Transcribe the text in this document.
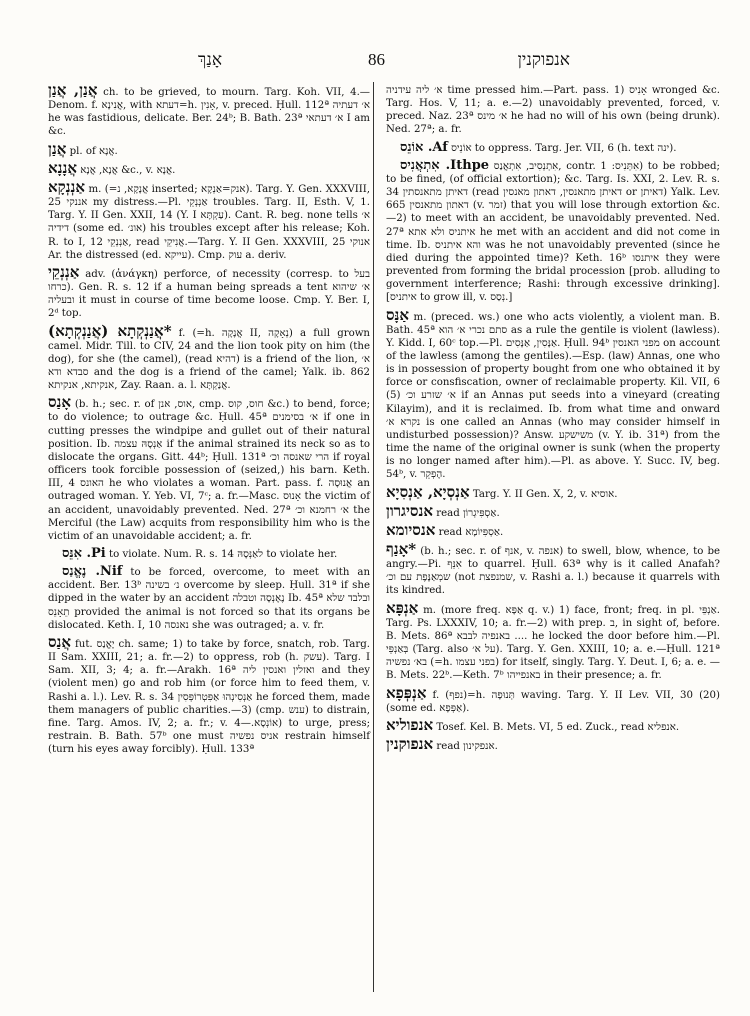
אָנַךְ	86	אנפוקנין
אֲנַן, אֲנַן ch. to be grieved, to mourn. Targ. Koh. VII, 4.—Denom. f. אֲנִינָא, with דעתא=h. אָנִין, v. preced. Ḥull. 112ª א׳ דעתיה he was fastidious, delicate. Ber. 24ᵇ; B. Bath. 23ª א׳ דעתאי I am &c.
אֲנַן pl. of אֲנָא.
אֲנָנָא אֲנָא, אֲנָא &c., v. אֲנָא.
אַנְנְקָא m. (=אֲנָקָא, נ inserted; אנק=אַנְקָא). Targ. Y. Gen. XXXVIII, 25 אננקי my distress.—Pl. אַנְנְקֵי troubles. Targ. II, Esth. V, 1. Targ. Y. II Gen. XXII, 14 (Y. I עַקְתָּא). Cant. R. beg. none tells א׳ דידיה (some ed. אונ׳) his troubles except after his release; Koh. R. to I, 12 אַנְנְקֵי, read אֲנִיקֵי.—Targ. Y. II Gen. XXXVIII, 25 אנוקי Ar. the distressed (ed. עייקא). Cmp. עוק a. deriv.
אַנְנְקֵי adv. (ἀνάγκη) perforce, of necessity (corresp. to בעל כרחו). Gen. R. s. 12 if a human being spreads a tent א׳ שיהוא ובעליה it must in course of time become loose. Cmp. Y. Ber. I, 2ᵈ top.
*אֲנַנְקְתָא (אֲנַנְקְתָא) f. (=h. אֲנָקָה II, נְאָקָה) a full grown camel. Midr. Till. to CIV, 24 and the lion took pity on him (the dog), for she (the camel), (read דהיא) is a friend of the lion, א׳ סבדא ודא and the dog is a friend of the camel; Yalk. ib. 862 אנקיתא, אנקיתא, Zay. Raan. a. l. אֲנַקְתָּא.
אָנַס (b. h.; sec. r. of אוס, אנן, cmp. חוס, קוס &c.) to bend, force; to do violence; to outrage &c. Ḥull. 45ª א׳ בסימנים if one in cutting presses the windpipe and gullet out of their natural position. Ib. אַנְסָהּ עצמה if the animal strained its neck so as to dislocate the organs. Gitt. 44ᵇ; Ḥull. 131ª הרי שאנסה וכ׳ if royal officers took forcible possession of (seized,) his barn. Keth. III, 4 האונס he who violates a woman. Part. pass. f. אֲנוּסָה an outraged woman. Y. Yeb. VI, 7ᶜ; a. fr.—Masc. אָנוּס the victim of an accident, unavoidably prevented. Ned. 27ª א׳ רחמנא וכ׳ the Merciful (the Law) acquits from responsibility him who is the victim of an unavoidable accident; a. fr.
Pi. אִנֵּס to violate. Num. R. s. 14 לאַנְּסָהּ to violate her.
Nif. נֶאֱנַס to be forced, overcome, to meet with an accident. Ber. 13ᵇ נ׳ בשינה overcome by sleep. Ḥull. 31ª if she dipped in the water by an accident נֶאֶנְסָה וטבלה Ib. 45ª ובלבד שלא תֵאָנֵס provided the animal is not forced so that its organs be dislocated. Keth. I, 10 נאנסה she was outraged; a. v. fr.
אֲנַס fut. יֶאֱנַס ch. same; 1) to take by force, snatch, rob. Targ. II Sam. XXIII, 21; a. fr.—2) to oppress, rob (h. עשק). Targ. I Sam. XII, 3; 4; a. fr.—Arakh. 16ª ואזלין ואנסין ליה and they (violent men) go and rob him (or force him to feed them, v. Rashi a. l.). Lev. R. s. 34 אַנְסִינְהוּ אַפִּטְרוֹפְּסִין he forced them, made them managers of public charities.—3) (cmp. ענש) to distrain, fine. Targ. Amos. IV, 2; a. fr.; v. אוֹנְסָא.—4) to urge, press; restrain. B. Bath. 57ᵇ one must אניס נפשיה restrain himself (turn his eyes away forcibly). Ḥull. 133ª
א׳ ליה עידניה time pressed him.—Part. pass. 1) אָנִיס wronged &c. Targ. Hos. V, 11; a. e.—2) unavoidably prevented, forced, v. preced. Naz. 23ª א׳ מינס he had no will of his own (being drunk). Ned. 27ª; a. fr.
Af. אוֹנֵס אוֹנֵיס to oppress. Targ. Jer. VII, 6 (h. text ינה).
Ithpe. אִתְאֲנִיס אִתְנְסִיב, אִתְאֲנַס, contr. אִתְּנִיס: 1) to be robbed; to be fined, (of official extortion); &c. Targ. Is. XXI, 2. Lev. R. s. 34 דאיתן מתאנסתין (read דאיתן מתאנסין, דאתון מאנסין or דאיתן) Yalk. Lev. 665 דאתון מתאנסין (v. זמר) that you will lose through extortion &c.—2) to meet with an accident, be unavoidably prevented. Ned. 27ª איתניס ולא אתא he met with an accident and did not come in time. Ib. והא איתניס was he not unavoidably prevented (since he died during the appointed time)? Keth. 16ᵇ איתנסו they were prevented from forming the bridal procession [prob. alluding to government interference; Rashi: through excessive drinking]. [איתניס to grow ill, v. נְסַס.]
אַנָּס m. (preced. ws.) one who acts violently, a violent man. B. Bath. 45ª סתם נכרי א׳ הוא as a rule the gentile is violent (lawless). Y. Kidd. I, 60ᶜ top.—Pl. אַנָּסִין, אַנָּסִים. Ḥull. 94ᵇ מפני האנסין on account of the lawless (among the gentiles).—Esp. (law) Annas, one who is in possession of property bought from one who obtained it by force or consfiscation, owner of reclaimable property. Kil. VII, 6 (5) א׳ שזרע וכ׳ if an Annas put seeds into a vineyard (creating Kilayim), and it is reclaimed. Ib. from what time and onward נקרא א׳ is one called an Annas (who may consider himself in undisturbed possession)? Answ. משישקע (v. Y. ib. 31ª) from the time the name of the original owner is sunk (when the property is no longer named after him).—Pl. as above. Y. Succ. IV, beg. 54ᵇ, v. הֶפְקֵר.
אַנְסְיָא, אַנְסִיָא Targ. Y. II Gen. X, 2, v. אוסיא.
אנסיגרון read אַסְפִּיגְרוֹן.
אנסיומא read אַסְפִּיוֹמָא.
*אָנַף (b. h.; sec. r. of אנף, v. אנפה) to swell, blow, whence, to be angry.—Pi. אִנֵּף to quarrel. Ḥull. 63ª why is it called Anafah? שמְאַנֶּפֶת עם וכ׳ (not שמנפצת, v. Rashi a. l.) because it quarrels with its kindred.
אַנְפָּא m. (more freq. אַפָּא q. v.) 1) face, front; freq. in pl. אַנְפֵּי. Targ. Ps. LXXXIV, 10; a. fr.—2) with prep. ב, in sight of, before. B. Mets. 86ª באנפיה לבבא .... he locked the door before him.—Pl. בְּאַנְפֵּי (Targ. also על א׳). Targ. Y. Gen. XXIII, 10; a. e.—Ḥull. 121ª בא׳ נפשיה (=h. בפני עצמו) for itself, singly. Targ. Y. Deut. I, 6; a. e. —B. Mets. 22ᵇ.—Keth. 7ᵇ באנפייהו in their presence; a. fr.
אַנְפְּפָא f. (נפף)=h. תְּנוּפָה waving. Targ. Y. II Lev. VII, 30 (20) (some ed. אַפְּפָא).
אנפוליא Tosef. Kel. B. Mets. VI, 5 ed. Zuck., read אנפליא.
אנפוקנין read אנפקינון.
